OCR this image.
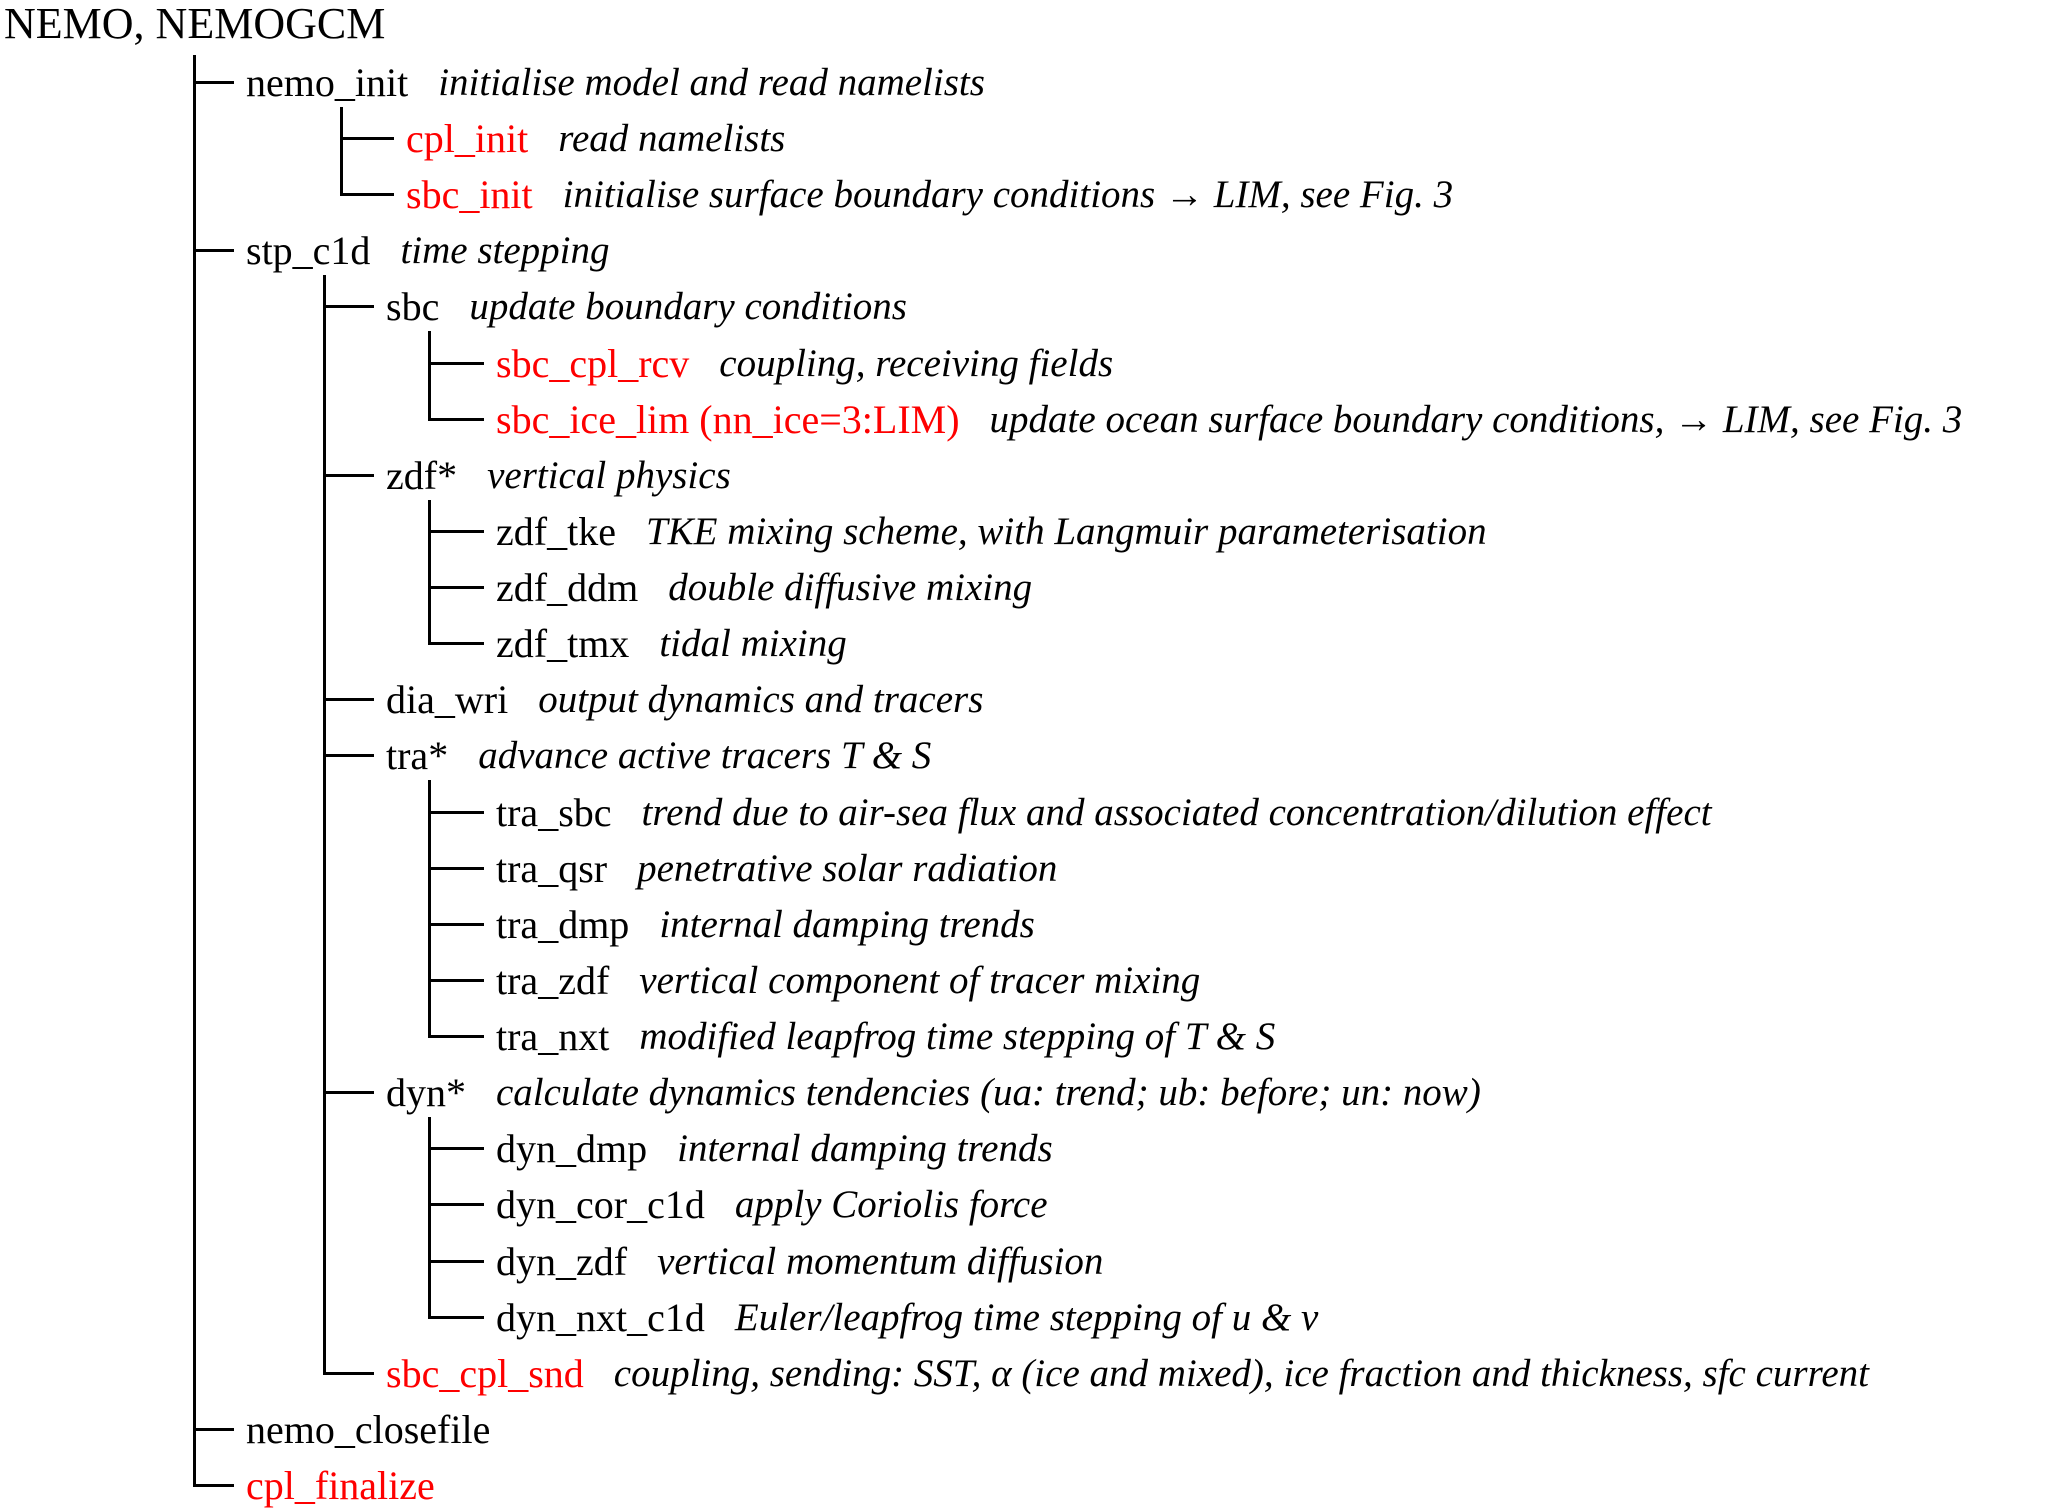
NEMO, NEMOGCM
nemo_init initialise model and read namelists
cpl_init read namelists
sbc_init initialise surface boundary conditions → LIM, see Fig. 3
stp_c1d time stepping
sbc update boundary conditions
sbc_cpl_rcv coupling, receiving fields
sbc_ice_lim (nn_ice=3:LIM) update ocean surface boundary conditions, → LIM, see Fig. 3
zdf* vertical physics
zdf_tke TKE mixing scheme, with Langmuir parameterisation
zdf_ddm double diffusive mixing
zdf_tmx tidal mixing
dia_wri output dynamics and tracers
tra* advance active tracers T & S
tra_sbc trend due to air-sea flux and associated concentration/dilution effect
tra_qsr penetrative solar radiation
tra_dmp internal damping trends
tra_zdf vertical component of tracer mixing
tra_nxt modified leapfrog time stepping of T & S
dyn* calculate dynamics tendencies (ua: trend; ub: before; un: now)
dyn_dmp internal damping trends
dyn_cor_c1d apply Coriolis force
dyn_zdf vertical momentum diffusion
dyn_nxt_c1d Euler/leapfrog time stepping of u & v
sbc_cpl_snd coupling, sending: SST, α (ice and mixed), ice fraction and thickness, sfc current
nemo_closefile
cpl_finalize
